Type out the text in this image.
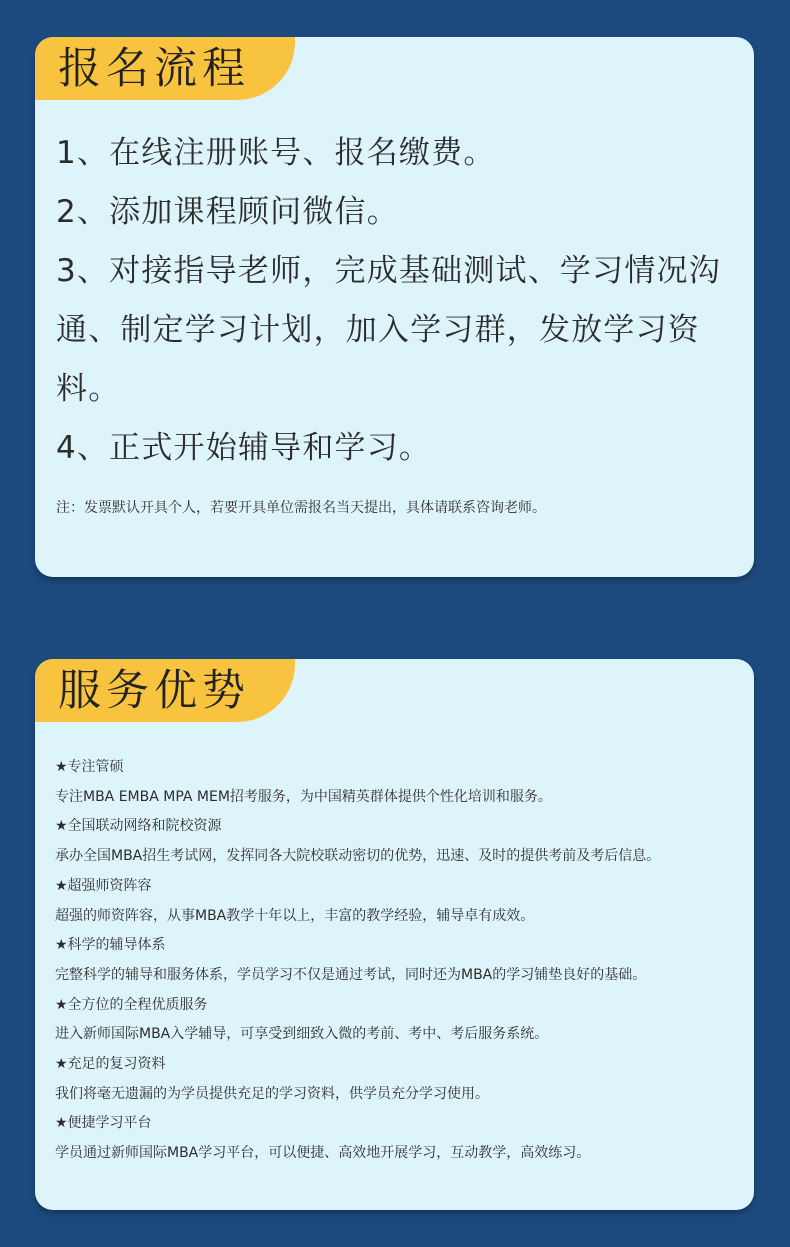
报名流程
1、在线注册账号、报名缴费。
2、添加课程顾问微信。
3、对接指导老师，完成基础测试、学习情况沟通、制定学习计划，加入学习群，发放学习资料。
4、正式开始辅导和学习。
注：发票默认开具个人，若要开具单位需报名当天提出，具体请联系咨询老师。
服务优势
★专注管硕
专注MBA EMBA MPA MEM招考服务，为中国精英群体提供个性化培训和服务。
★全国联动网络和院校资源
承办全国MBA招生考试网，发挥同各大院校联动密切的优势，迅速、及时的提供考前及考后信息。
★超强师资阵容
超强的师资阵容，从事MBA教学十年以上，丰富的教学经验，辅导卓有成效。
★科学的辅导体系
完整科学的辅导和服务体系，学员学习不仅是通过考试，同时还为MBA的学习铺垫良好的基础。
★全方位的全程优质服务
进入新师国际MBA入学辅导，可享受到细致入微的考前、考中、考后服务系统。
★充足的复习资料
我们将毫无遗漏的为学员提供充足的学习资料，供学员充分学习使用。
★便捷学习平台
学员通过新师国际MBA学习平台，可以便捷、高效地开展学习，互动教学，高效练习。
